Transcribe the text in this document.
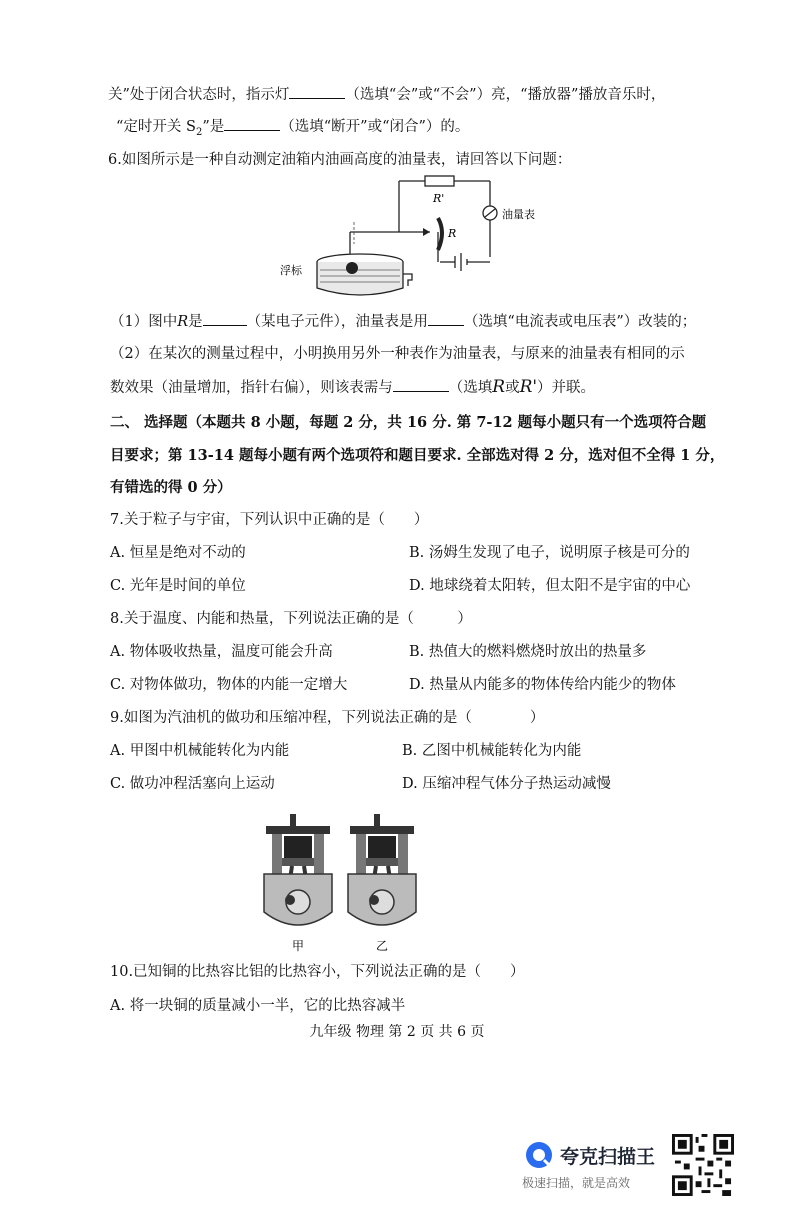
关”处于闭合状态时，指示灯	（选填“会”或“不会”）亮，“播放器”播放音乐时，
“定时开关 $S_2$”是	（选填“断开”或“闭合”）的。
6.如图所示是一种自动测定油箱内油画高度的油量表，请回答以下问题：
R'
油量表
R
浮标
（1）图中R是	（某电子元件），油量表是用 （选填“电流表或电压表”）改装的；
（2）在某次的测量过程中，小明换用另外一种表作为油量表，与原来的油量表有相同的示
数效果（油量增加，指针右偏），则该表需与	（选填R或R'）并联。
二、 选择题（本题共 8 小题，每题 2 分，共 16 分. 第 7-12 题每小题只有一个选项符合题
目要求；第 13-14 题每小题有两个选项符和题目要求. 全部选对得 2 分，选对但不全得 1 分，
有错选的得 0 分）
7.关于粒子与宇宙，下列认识中正确的是（　　）
A. 恒星是绝对不动的	B. 汤姆生发现了电子，说明原子核是可分的
C. 光年是时间的单位	D. 地球绕着太阳转，但太阳不是宇宙的中心
8.关于温度、内能和热量，下列说法正确的是（　　　）
A. 物体吸收热量，温度可能会升高	B. 热值大的燃料燃烧时放出的热量多
C. 对物体做功，物体的内能一定增大	D. 热量从内能多的物体传给内能少的物体
9.如图为汽油机的做功和压缩冲程，下列说法正确的是（　　　　）
A. 甲图中机械能转化为内能	B. 乙图中机械能转化为内能
C. 做功冲程活塞向上运动	D. 压缩冲程气体分子热运动减慢
甲	乙
10.已知铜的比热容比铝的比热容小，下列说法正确的是（　　）
A. 将一块铜的质量减小一半，它的比热容减半
九年级 物理 第 2 页 共 6 页
夸克扫描王
极速扫描，就是高效
